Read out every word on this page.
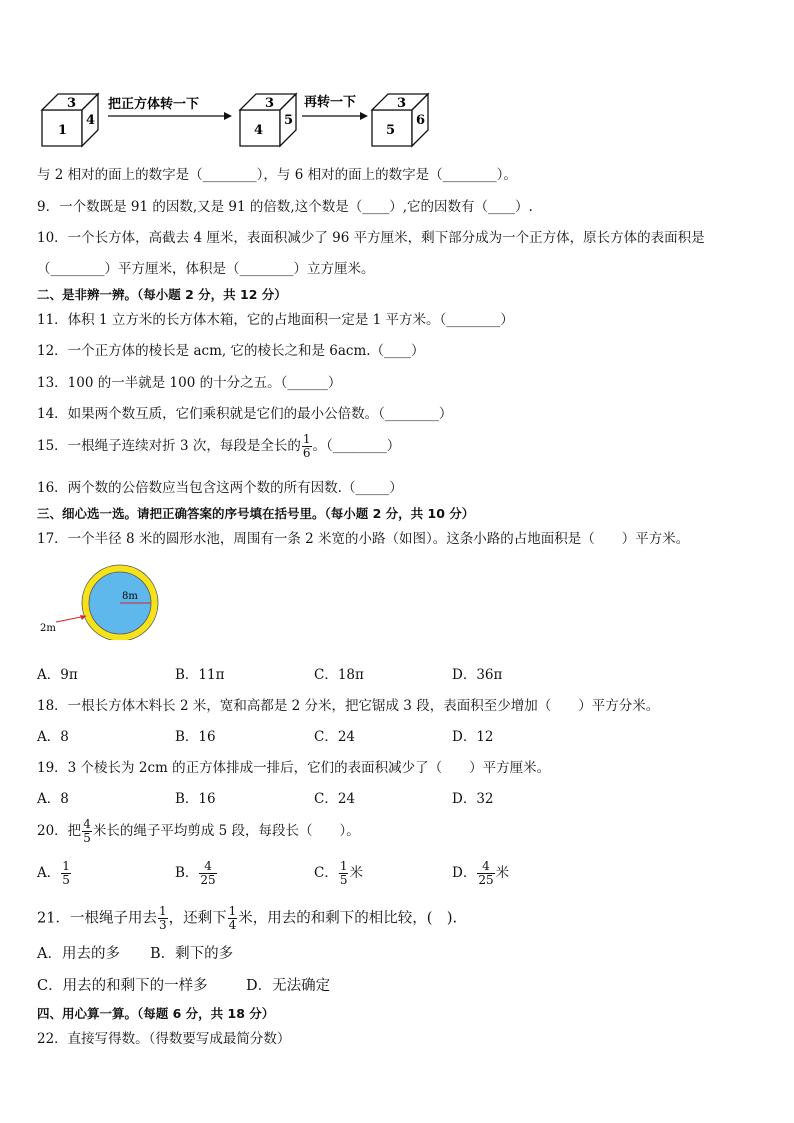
3
1
4
把正方体转一下	3
4
5
再转一下	3
5
6
与 2 相对的面上的数字是（________），与 6 相对的面上的数字是（________）。
9．一个数既是 91 的因数,又是 91 的倍数,这个数是（____）,它的因数有（____）.
10．一个长方体，高截去 4 厘米，表面积减少了 96 平方厘米，剩下部分成为一个正方体，原长方体的表面积是
（________）平方厘米，体积是（________）立方厘米。
二、是非辨一辨。（每小题 2 分，共 12 分）
11．体积 1 立方米的长方体木箱，它的占地面积一定是 1 平方米。（________）
12．一个正方体的棱长是 acm, 它的棱长之和是 6acm.（____）
13．100 的一半就是 100 的十分之五。（______）
14．如果两个数互质，它们乘积就是它们的最小公倍数。（________）
15．一根绳子连续对折 3 次，每段是全长的 $\frac{1}{6}$ 。（________）
16．两个数的公倍数应当包含这两个数的所有因数.（_____）
三、细心选一选。请把正确答案的序号填在括号里。（每小题 2 分，共 10 分）
17．一个半径 8 米的圆形水池，周围有一条 2 米宽的小路（如图）。这条小路的占地面积是（　　）平方米。
8m
2m
A．9π	B．11π	C．18π	D．36π
18．一根长方体木料长 2 米，宽和高都是 2 分米，把它锯成 3 段，表面积至少增加（　　）平方分米。
A．8	B．16	C．24	D．12
19．3 个棱长为 2cm 的正方体排成一排后，它们的表面积减少了（　　）平方厘米。
A．8	B．16	C．24	D．32
20．把 $\frac{4}{5}$ 米长的绳子平均剪成 5 段，每段长（　　）。
A． $\frac{1}{5}$	B． $\frac{4}{25}$	C． $\frac{1}{5}$ 米	D． $\frac{4}{25}$ 米
21．一根绳子用去 $\frac{1}{3}$ ，还剩下 $\frac{1}{4}$ 米，用去的和剩下的相比较，(　).
A．用去的多 B．剩下的多
C．用去的和剩下的一样多	D．无法确定
四、用心算一算。（每题 6 分，共 18 分）
22．直接写得数。（得数要写成最简分数）
